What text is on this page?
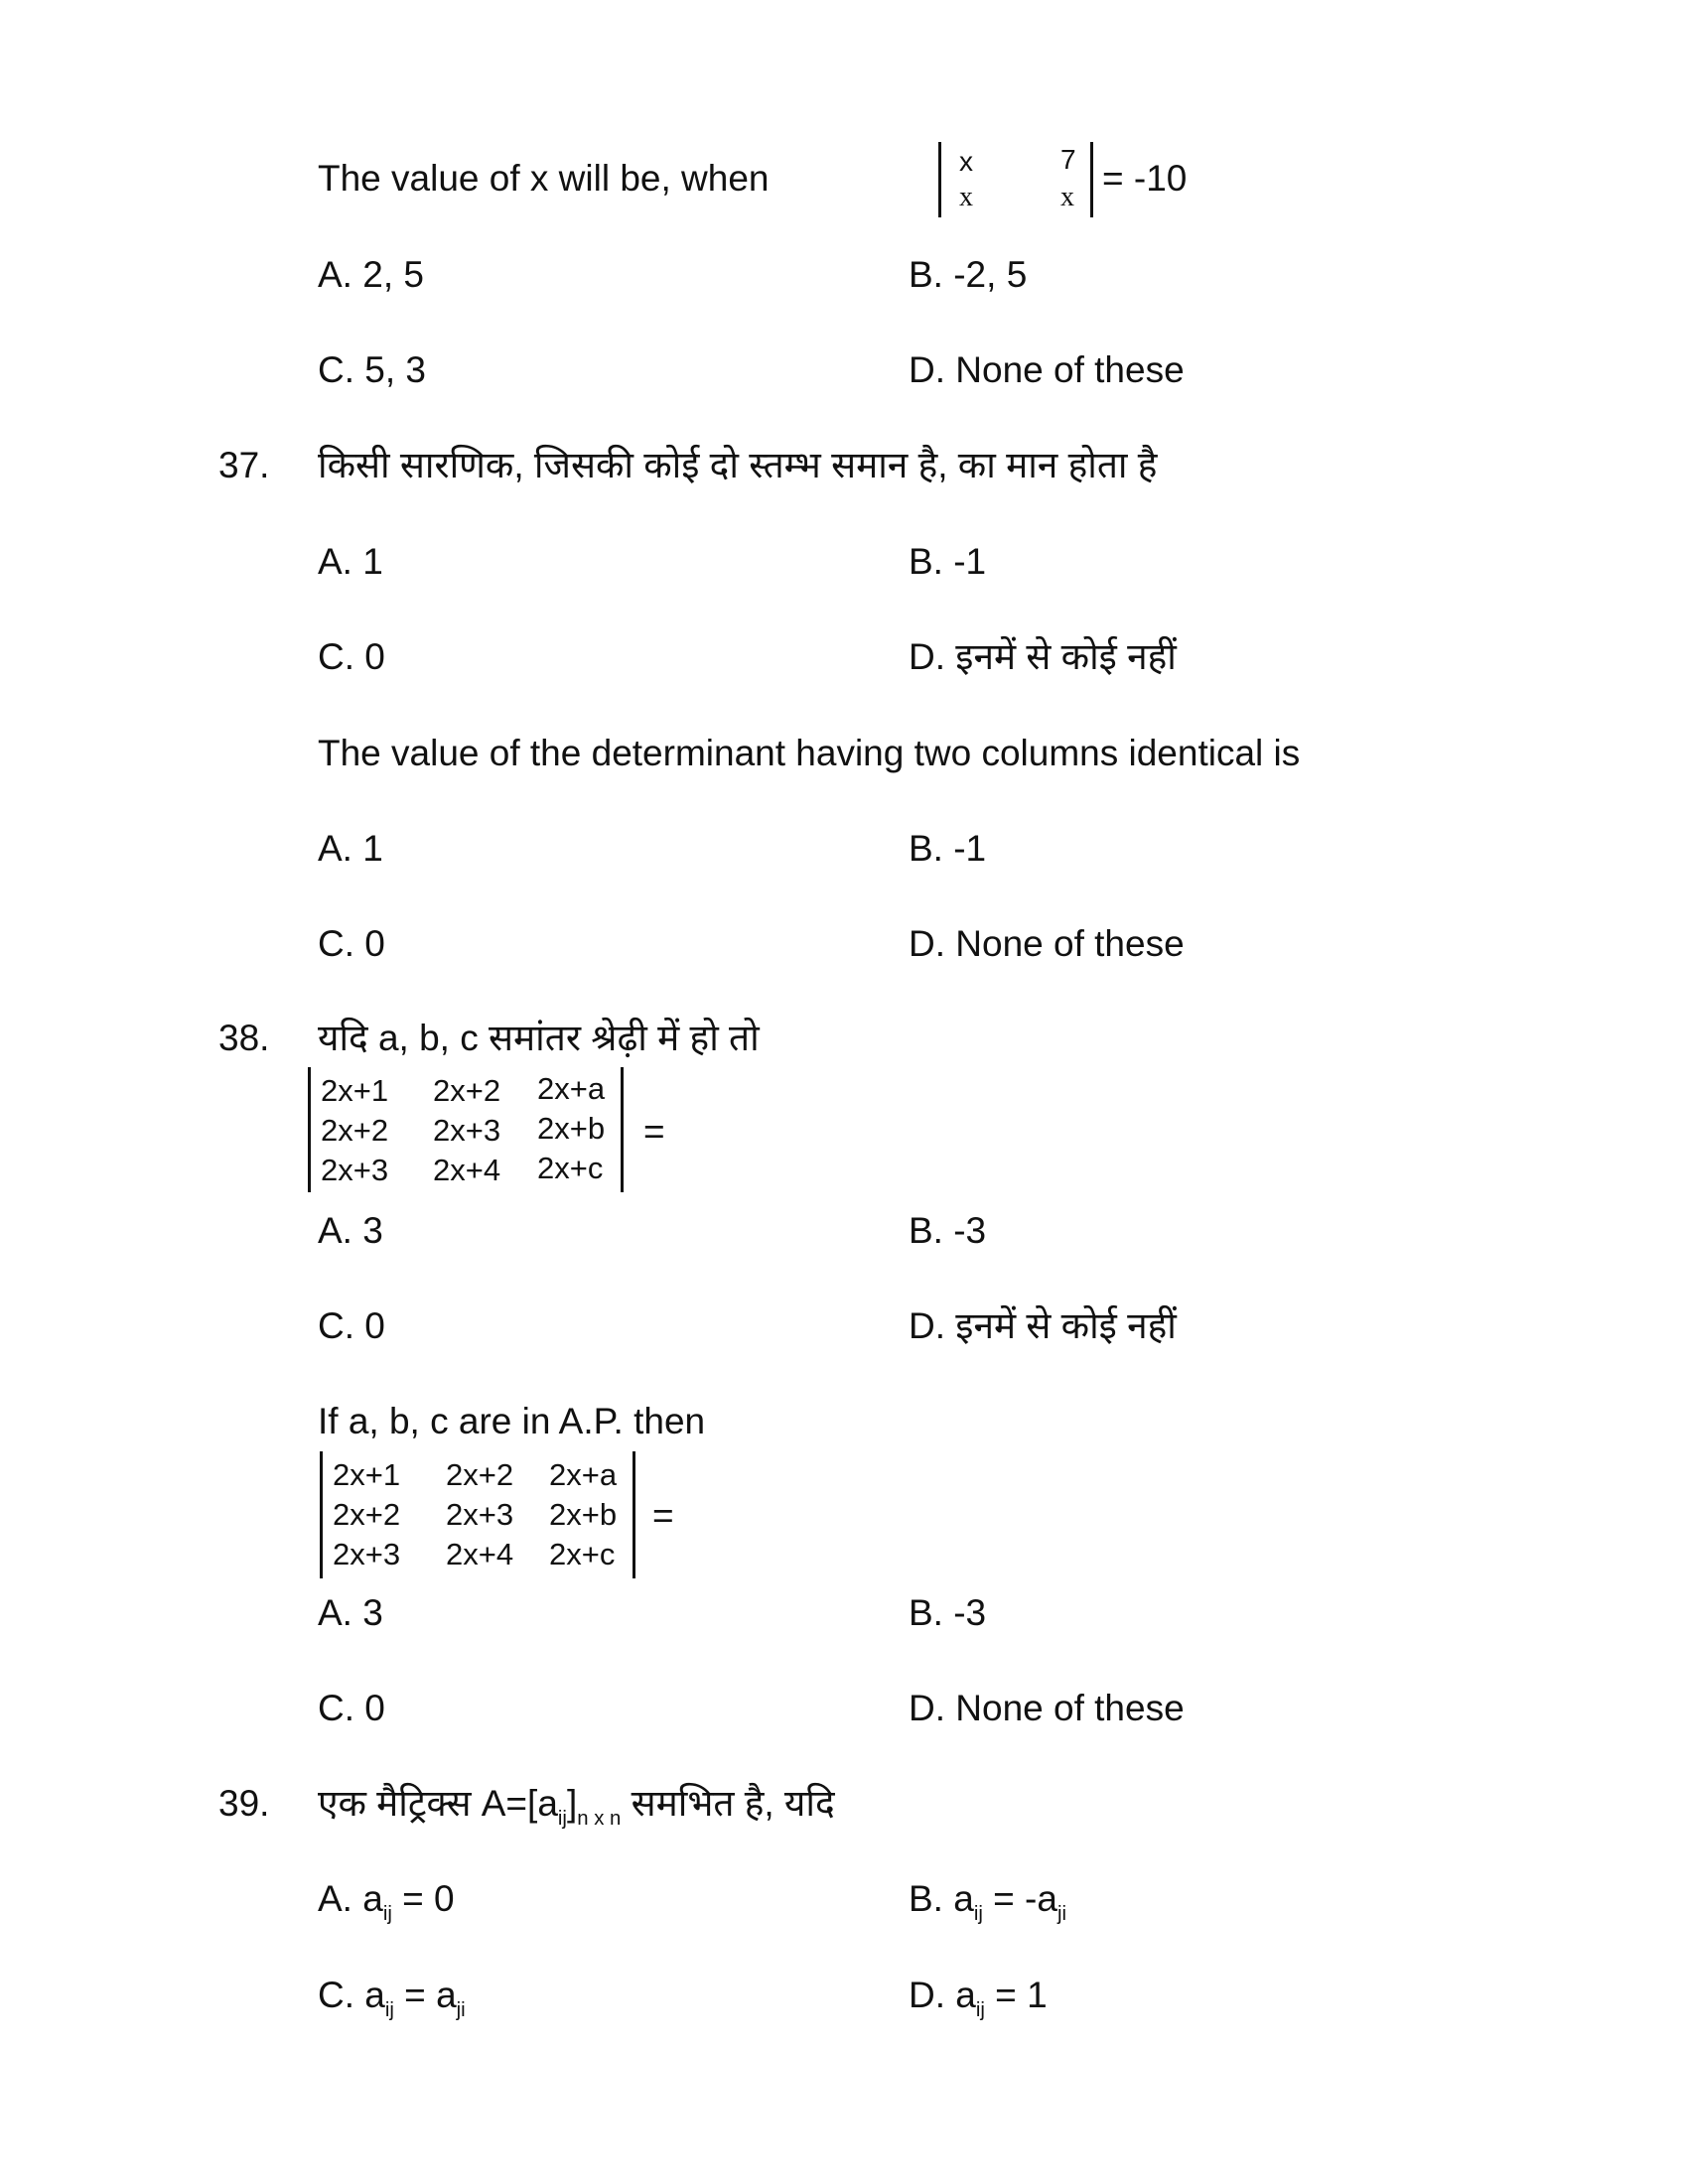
The value of x will be, when	x	7
x	x = -10
A. 2, 5	B. -2, 5
C. 5, 3	D. None of these
37. किसी सारणिक, जिसकी कोई दो स्तम्भ समान है, का मान होता है
A. 1	B. -1
C. 0	D. इनमें से कोई नहीं
The value of the determinant having two columns identical is
A. 1	B. -1
C. 0	D. None of these
38. यदि a, b, c समांतर श्रेढ़ी में हो तो
2x+1 2x+2 2x+a
2x+2 2x+3 2x+b
2x+3 2x+4 2x+c
=
A. 3	B. -3
C. 0	D. इनमें से कोई नहीं
If a, b, c are in A.P. then
2x+1 2x+2 2x+a
2x+2 2x+3 2x+b
2x+3 2x+4 2x+c
=
A. 3	B. -3
C. 0	D. None of these
39. एक मैट्रिक्स $A=[a_{ij}]_{n x n}$ समभित है, यदि
A. $a_{ij} = 0$	B. $a_{ij} = -a_{ji}$
C. $a_{ij} = a_{ji}$	D. $a_{ij} = 1$
